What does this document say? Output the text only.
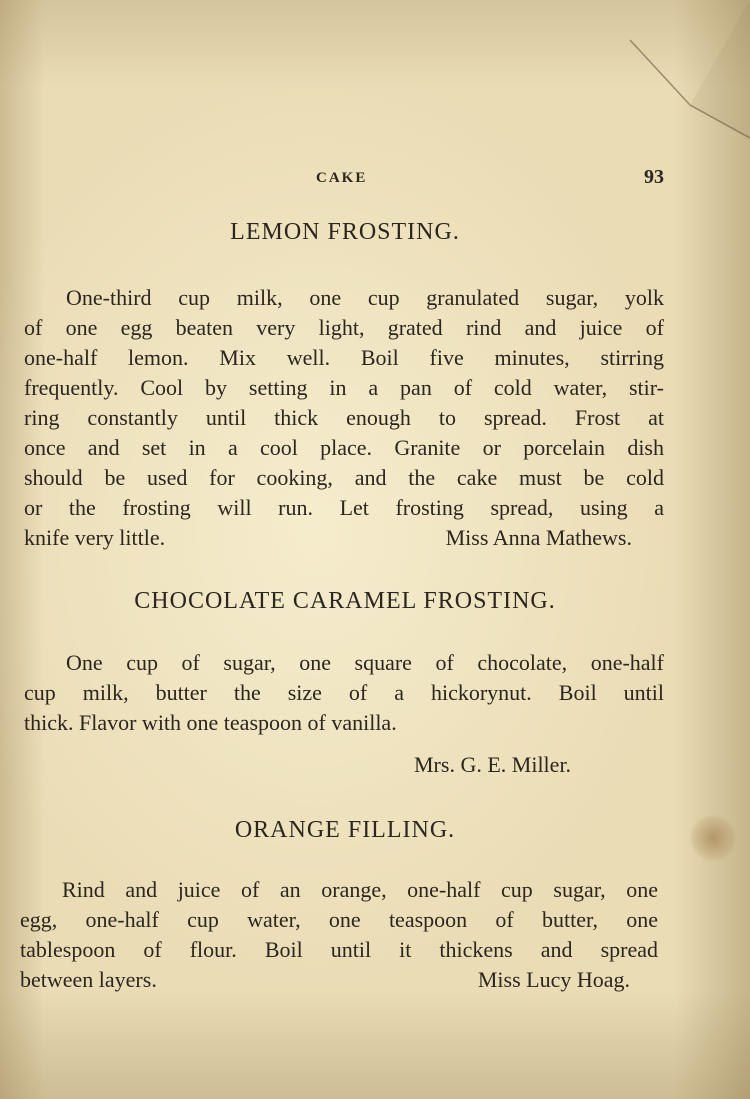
CAKE	93
LEMON FROSTING.
One-third cup milk, one cup granulated sugar, yolk
of one egg beaten very light, grated rind and juice of
one-half lemon. Mix well. Boil five minutes, stirring
frequently. Cool by setting in a pan of cold water, stir-
ring constantly until thick enough to spread. Frost at
once and set in a cool place. Granite or porcelain dish
should be used for cooking, and the cake must be cold
or the frosting will run. Let frosting spread, using a
knife very little.	Miss Anna Mathews.
CHOCOLATE CARAMEL FROSTING.
One cup of sugar, one square of chocolate, one-half
cup milk, butter the size of a hickorynut. Boil until
thick. Flavor with one teaspoon of vanilla.
Mrs. G. E. Miller.
ORANGE FILLING.
Rind and juice of an orange, one-half cup sugar, one
egg, one-half cup water, one teaspoon of butter, one
tablespoon of flour. Boil until it thickens and spread
between layers.	Miss Lucy Hoag.
